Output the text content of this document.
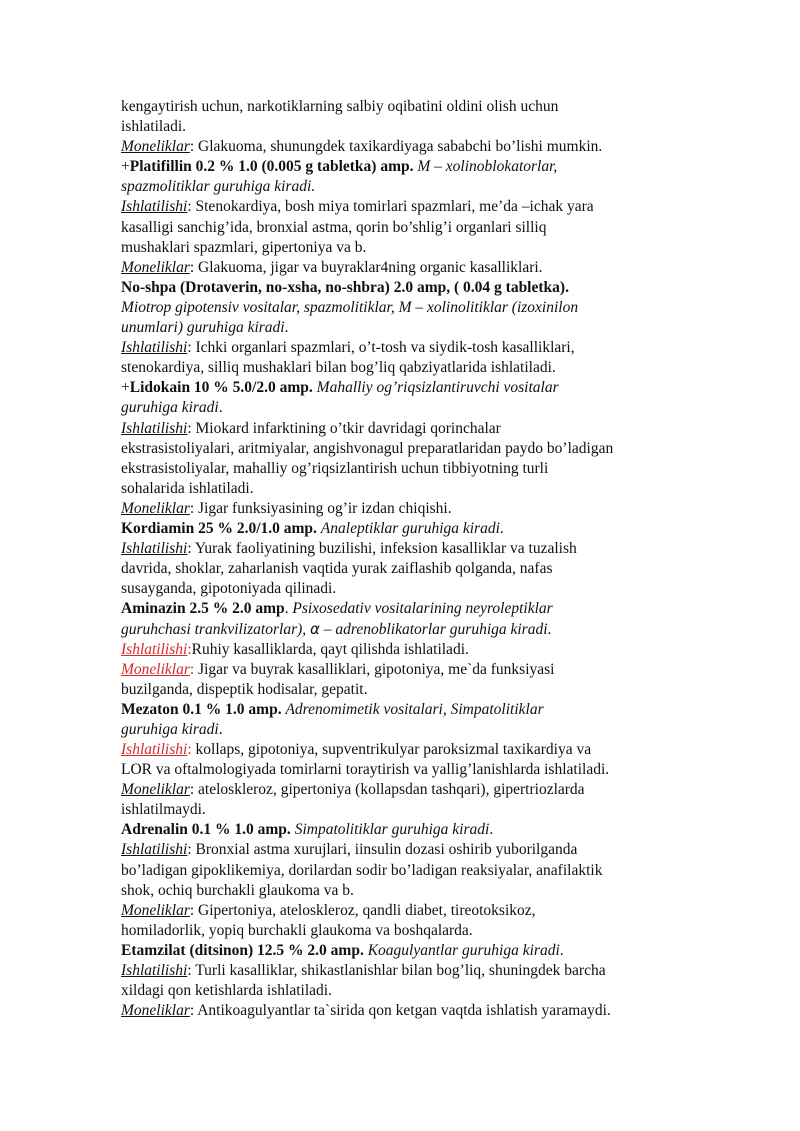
kengaytirish uchun, narkotiklarning salbiy oqibatini oldini olish uchun
ishlatiladi.
Moneliklar: Glakuoma, shunungdek taxikardiyaga sababchi bo’lishi mumkin.
+Platifillin 0.2 % 1.0 (0.005 g tabletka) amp. M – xolinoblokatorlar,
spazmolitiklar guruhiga kiradi.
Ishlatilishi: Stenokardiya, bosh miya tomirlari spazmlari, me’da –ichak yara
kasalligi sanchig’ida, bronxial astma, qorin bo’shlig’i organlari silliq
mushaklari spazmlari, gipertoniya va b.
Moneliklar: Glakuoma, jigar va buyraklar4ning organic kasalliklari.
No-shpa (Drotaverin, no-xsha, no-shbra) 2.0 amp, ( 0.04 g tabletka).
Miotrop gipotensiv vositalar, spazmolitiklar, M – xolinolitiklar (izoxinilon
unumlari) guruhiga kiradi.
Ishlatilishi: Ichki organlari spazmlari, o’t-tosh va siydik-tosh kasalliklari,
stenokardiya, silliq mushaklari bilan bog’liq qabziyatlarida ishlatiladi.
+Lidokain 10 % 5.0/2.0 amp. Mahalliy og’riqsizlantiruvchi vositalar
guruhiga kiradi.
Ishlatilishi: Miokard infarktining o’tkir davridagi qorinchalar
ekstrasistoliyalari, aritmiyalar, angishvonagul preparatlaridan paydo bo’ladigan
ekstrasistoliyalar, mahalliy og’riqsizlantirish uchun tibbiyotning turli
sohalarida ishlatiladi.
Moneliklar: Jigar funksiyasining og’ir izdan chiqishi.
Kordiamin 25 % 2.0/1.0 amp. Analeptiklar guruhiga kiradi.
Ishlatilishi: Yurak faoliyatining buzilishi, infeksion kasalliklar va tuzalish
davrida, shoklar, zaharlanish vaqtida yurak zaiflashib qolganda, nafas
susayganda, gipotoniyada qilinadi.
Aminazin 2.5 % 2.0 amp. Psixosedativ vositalarining neyroleptiklar
guruhchasi trankvilizatorlar), α – adrenoblikatorlar guruhiga kiradi.
Ishlatilishi:Ruhiy kasalliklarda, qayt qilishda ishlatiladi.
Moneliklar: Jigar va buyrak kasalliklari, gipotoniya, me`da funksiyasi
buzilganda, dispeptik hodisalar, gepatit.
Mezaton 0.1 % 1.0 amp. Adrenomimetik vositalari, Simpatolitiklar
guruhiga kiradi.
Ishlatilishi: kollaps, gipotoniya, supventrikulyar paroksizmal taxikardiya va
LOR va oftalmologiyada tomirlarni toraytirish va yallig’lanishlarda ishlatiladi.
Moneliklar: ateloskleroz, gipertoniya (kollapsdan tashqari), gipertriozlarda
ishlatilmaydi.
Adrenalin 0.1 % 1.0 amp. Simpatolitiklar guruhiga kiradi.
Ishlatilishi: Bronxial astma xurujlari, iinsulin dozasi oshirib yuborilganda
bo’ladigan gipoklikemiya, dorilardan sodir bo’ladigan reaksiyalar, anafilaktik
shok, ochiq burchakli glaukoma va b.
Moneliklar: Gipertoniya, ateloskleroz, qandli diabet, tireotoksikoz,
homiladorlik, yopiq burchakli glaukoma va boshqalarda.
Etamzilat (ditsinon) 12.5 % 2.0 amp. Koagulyantlar guruhiga kiradi.
Ishlatilishi: Turli kasalliklar, shikastlanishlar bilan bog’liq, shuningdek barcha
xildagi qon ketishlarda ishlatiladi.
Moneliklar: Antikoagulyantlar ta`sirida qon ketgan vaqtda ishlatish yaramaydi.
